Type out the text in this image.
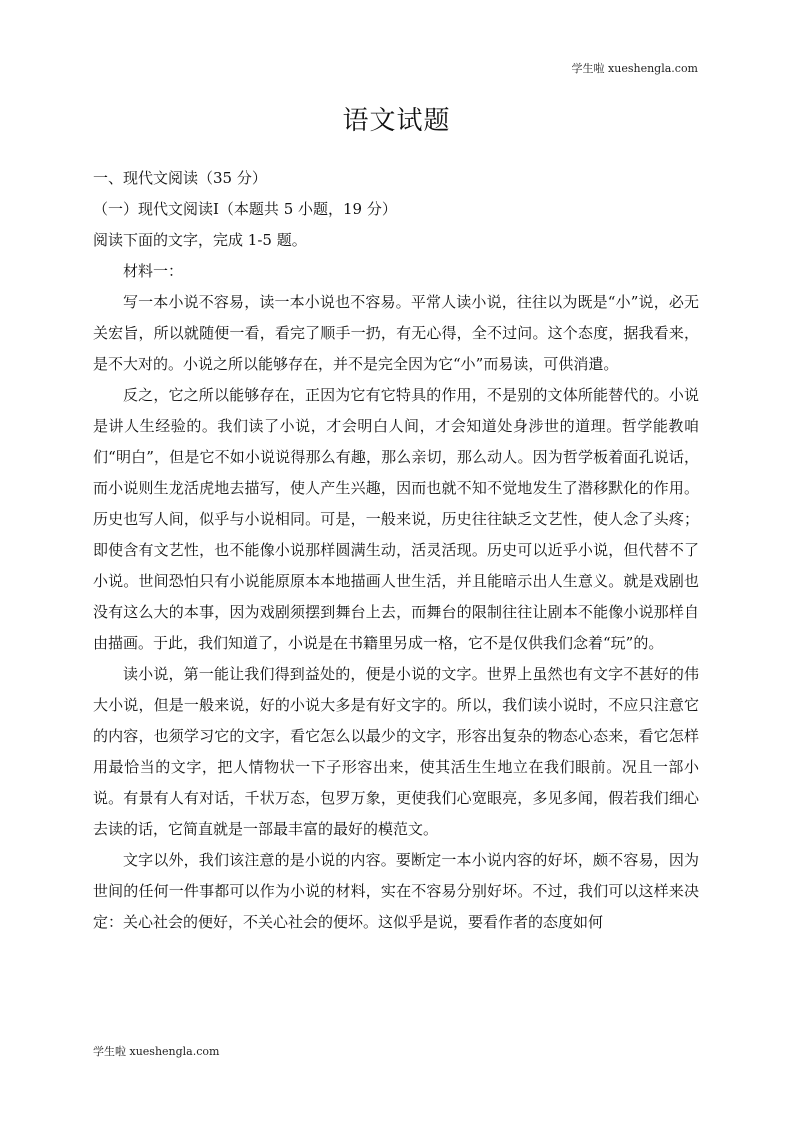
学生啦 xueshengla.com
语文试题

一、现代文阅读（35 分）

（一）现代文阅读Ⅰ（本题共 5 小题，19 分）

阅读下面的文字，完成 1-5 题。

材料一：

写一本小说不容易，读一本小说也不容易。平常人读小说，往往以为既是“小”说，必无关宏旨，所以就随便一看，看完了顺手一扔，有无心得，全不过问。这个态度，据我看来，是不大对的。小说之所以能够存在，并不是完全因为它“小”而易读，可供消遣。

反之，它之所以能够存在，正因为它有它特具的作用，不是别的文体所能替代的。小说是讲人生经验的。我们读了小说，才会明白人间，才会知道处身涉世的道理。哲学能教咱们“明白”，但是它不如小说说得那么有趣，那么亲切，那么动人。因为哲学板着面孔说话，而小说则生龙活虎地去描写，使人产生兴趣，因而也就不知不觉地发生了潜移默化的作用。历史也写人间，似乎与小说相同。可是，一般来说，历史往往缺乏文艺性，使人念了头疼；即使含有文艺性，也不能像小说那样圆满生动，活灵活现。历史可以近乎小说，但代替不了小说。世间恐怕只有小说能原原本本地描画人世生活，并且能暗示出人生意义。就是戏剧也没有这么大的本事，因为戏剧须摆到舞台上去，而舞台的限制往往让剧本不能像小说那样自由描画。于此，我们知道了，小说是在书籍里另成一格，它不是仅供我们念着“玩”的。

读小说，第一能让我们得到益处的，便是小说的文字。世界上虽然也有文字不甚好的伟大小说，但是一般来说，好的小说大多是有好文字的。所以，我们读小说时，不应只注意它的内容，也须学习它的文字，看它怎么以最少的文字，形容出复杂的物态心态来，看它怎样用最恰当的文字，把人情物状一下子形容出来，使其活生生地立在我们眼前。况且一部小说。有景有人有对话，千状万态，包罗万象，更使我们心宽眼亮，多见多闻，假若我们细心去读的话，它简直就是一部最丰富的最好的模范文。

文字以外，我们该注意的是小说的内容。要断定一本小说内容的好坏，颇不容易，因为世间的任何一件事都可以作为小说的材料，实在不容易分别好坏。不过，我们可以这样来决定：关心社会的便好，不关心社会的便坏。这似乎是说，要看作者的态度如何

学生啦 xueshengla.com
